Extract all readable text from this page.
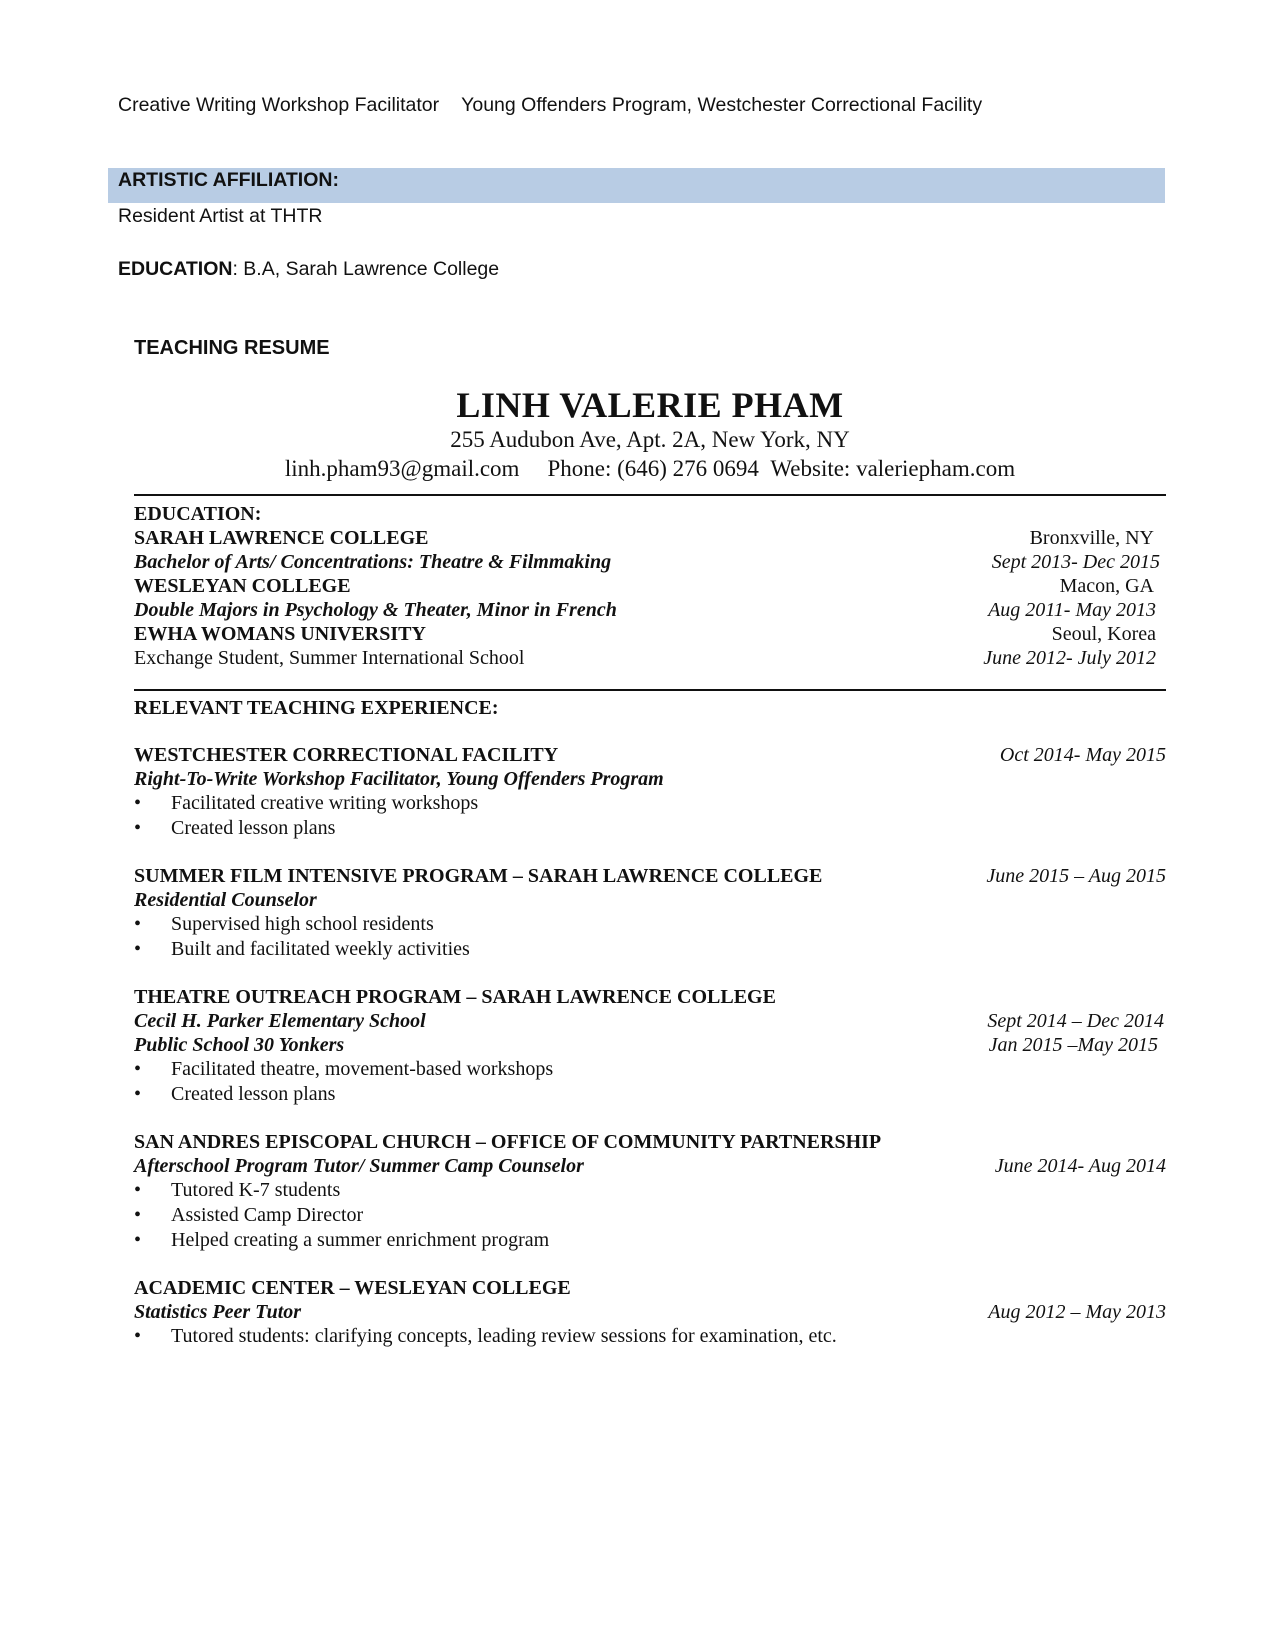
Creative Writing Workshop Facilitator Young Offenders Program, Westchester Correctional Facility
ARTISTIC AFFILIATION:
Resident Artist at THTR
EDUCATION: B.A, Sarah Lawrence College
TEACHING RESUME
LINH VALERIE PHAM
255 Audubon Ave, Apt. 2A, New York, NY
linh.pham93@gmail.com Phone: (646) 276 0694 Website: valeriepham.com
EDUCATION:
SARAH LAWRENCE COLLEGE	Bronxville, NY
Bachelor of Arts/ Concentrations: Theatre & Filmmaking	Sept 2013- Dec 2015
WESLEYAN COLLEGE	Macon, GA
Double Majors in Psychology & Theater, Minor in French	Aug 2011- May 2013
EWHA WOMANS UNIVERSITY	Seoul, Korea
Exchange Student, Summer International School	June 2012- July 2012
RELEVANT TEACHING EXPERIENCE:
WESTCHESTER CORRECTIONAL FACILITY	Oct 2014- May 2015
Right-To-Write Workshop Facilitator, Young Offenders Program
• Facilitated creative writing workshops
• Created lesson plans
SUMMER FILM INTENSIVE PROGRAM – SARAH LAWRENCE COLLEGE	June 2015 – Aug 2015
Residential Counselor
• Supervised high school residents
• Built and facilitated weekly activities
THEATRE OUTREACH PROGRAM – SARAH LAWRENCE COLLEGE
Cecil H. Parker Elementary School	Sept 2014 – Dec 2014
Public School 30 Yonkers	Jan 2015 –May 2015
• Facilitated theatre, movement-based workshops
• Created lesson plans
SAN ANDRES EPISCOPAL CHURCH – OFFICE OF COMMUNITY PARTNERSHIP
Afterschool Program Tutor/ Summer Camp Counselor	June 2014- Aug 2014
• Tutored K-7 students
• Assisted Camp Director
• Helped creating a summer enrichment program
ACADEMIC CENTER – WESLEYAN COLLEGE
Statistics Peer Tutor	Aug 2012 – May 2013
• Tutored students: clarifying concepts, leading review sessions for examination, etc.
